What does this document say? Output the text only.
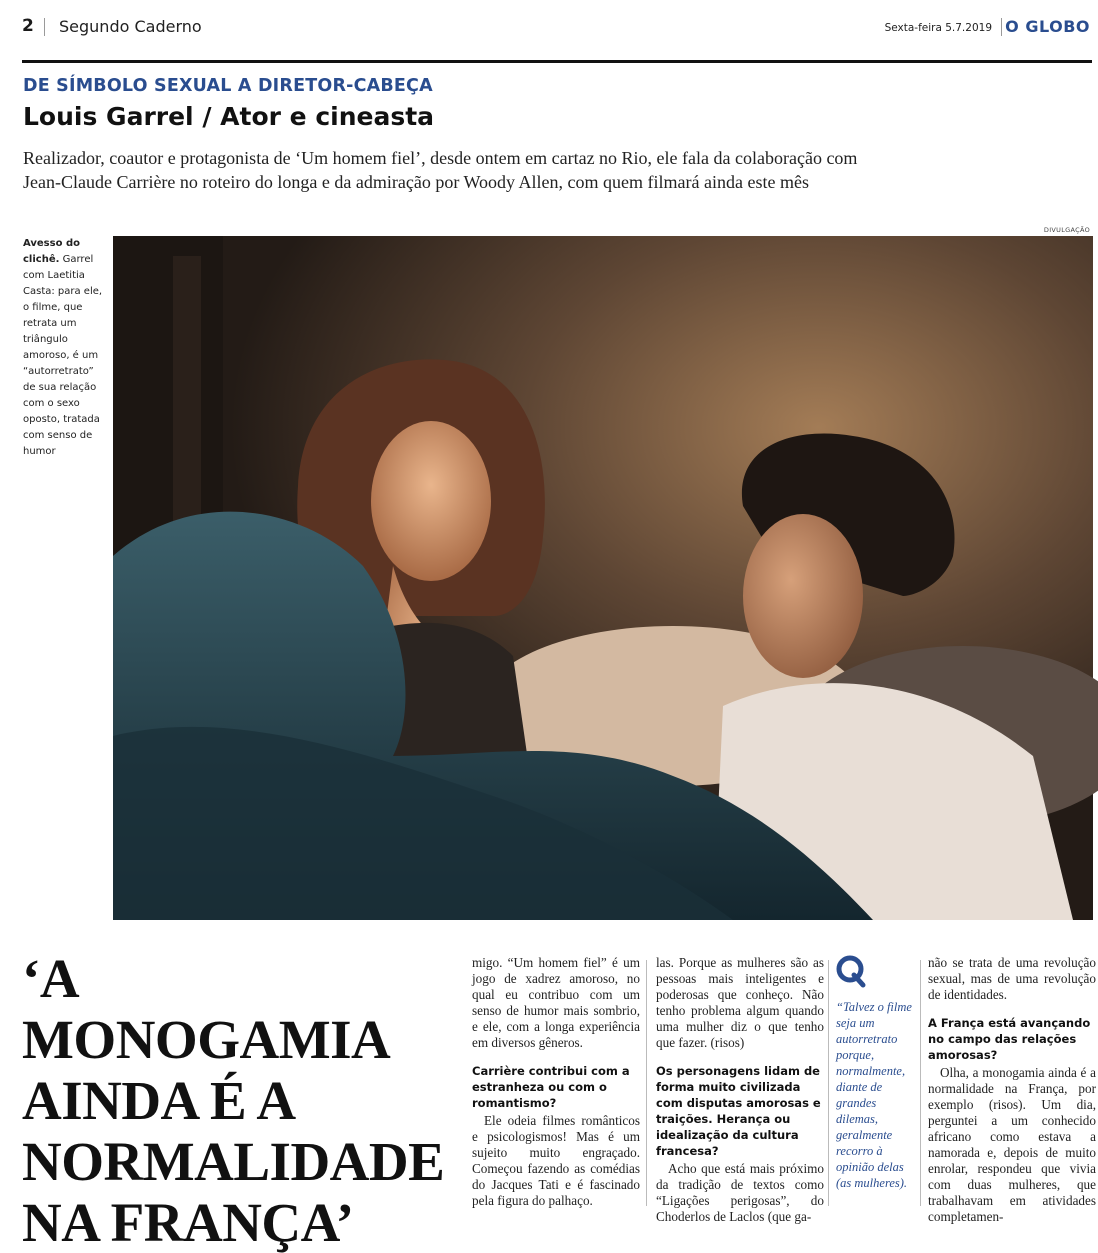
2 Segundo Caderno	Sexta-feira 5.7.2019 O GLOBO
DE SÍMBOLO SEXUAL A DIRETOR-CABEÇA
Louis Garrel / Ator e cineasta
Realizador, coautor e protagonista de ‘Um homem fiel’, desde ontem em cartaz no Rio, ele fala da colaboração com
Jean-Claude Carrière no roteiro do longa e da admiração por Woody Allen, com quem filmará ainda este mês
Avesso do clichê. Garrel com Laetitia Casta: para ele, o filme, que retrata um triângulo amoroso, é um “autorretrato” de sua relação com o sexo oposto, tratada com senso de humor
DIVULGAÇÃO
‘A MONOGAMIA
AINDA É A
NORMALIDADE
NA FRANÇA’

migo. “Um homem fiel” é um jogo de xadrez amoroso, no qual eu contribuo com um senso de humor mais sombrio, e ele, com a longa experiência em diversos gêneros.

Carrière contribui com a estranheza ou com o romantismo?

Ele odeia filmes românticos e psicologismos! Mas é um sujeito muito engraçado. Começou fazendo as comédias do Jacques Tati e é fascinado pela figura do palhaço.

las. Porque as mulheres são as pessoas mais inteligentes e poderosas que conheço. Não tenho problema algum quando uma mulher diz o que tenho que fazer. (risos)

Os personagens lidam de forma muito civilizada com disputas amorosas e traições. Herança ou idealização da cultura francesa?

Acho que está mais próximo da tradição de textos como “Ligações perigosas”, do Choderlos de Laclos (que ga-

“Talvez o filme seja um autorretrato porque, normalmente, diante de grandes dilemas, geralmente recorro à opinião delas (as mulheres).

não se trata de uma revolução sexual, mas de uma revolução de identidades.

A França está avançando no campo das relações amorosas?

Olha, a monogamia ainda é a normalidade na França, por exemplo (risos). Um dia, perguntei a um conhecido africano como estava a namorada e, depois de muito enrolar, respondeu que vivia com duas mulheres, que trabalhavam em atividades completamen-
